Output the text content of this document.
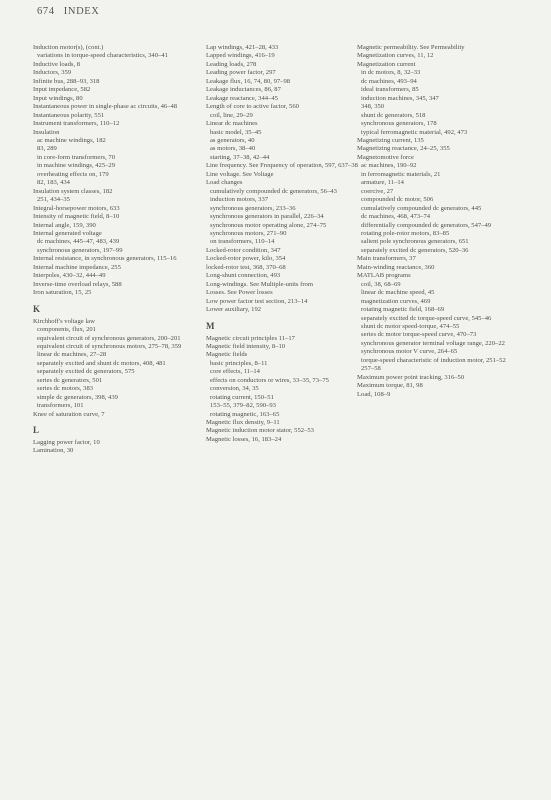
674 INDEX

Induction motor(s), (cont.)

variations in torque-speed characteristics, 340–41

Inductive loads, 8

Inductors, 359

Infinite bus, 288–93, 318

Input impedance, 582

Input windings, 80

Instantaneous power in single-phase ac circuits, 46–48

Instantaneous polarity, 551

Instrument transformers, 110–12

Insulation

ac machine windings, 182

83, 289

in core-form transformers, 70

in machine windings, 425–29

overheating effects on, 179

82, 183, 434

Insulation system classes, 182

251, 434–35

Integral-horsepower motors, 633

Intensity of magnetic field, 8–10

Internal angle, 159, 390

Internal generated voltage

dc machines, 445–47, 483, 439

synchronous generators, 197–99

Internal resistance, in synchronous generators, 115–16

Internal machine impedance, 255

Interpoles, 430–32, 444–49

Inverse-time overload relays, 588

Iron saturation, 15, 25

K

Kirchhoff's voltage law

components, flux, 201

equivalent circuit of synchronous generators, 200–201

equivalent circuit of synchronous motors, 275–78, 359

linear dc machines, 27–28

separately excited and shunt dc motors, 408, 481

separately excited dc generators, 575

series dc generators, 501

series dc motors, 383

simple dc generators, 398, 439

transformers, 101

Knee of saturation curve, 7

L

Lagging power factor, 10

Lamination, 30

Lap windings, 421–28, 433

Lapped windings, 416–19

Leading loads, 278

Leading power factor, 297

Leakage flux, 16, 74, 80, 97–98

Leakage inductances, 86, 87

Leakage reactance, 344–45

Length of core to active factor, 560

coil, line, 29–29

Linear dc machines

basic model, 35–45

as generators, 40

as motors, 38–40

starting, 37–38, 42–44

Line frequency. See Frequency of operation, 597, 637–38

Line voltage. See Voltage

Load changes

cumulatively compounded dc generators, 56–43

induction motors, 337

synchronous generators, 233–36

synchronous generators in parallel, 226–34

synchronous motor operating alone, 274–75

synchronous motors, 271–90

on transformers, 110–14

Locked-rotor condition, 347

Locked-rotor power, kilo, 354

locked-rotor test, 368, 370–68

Long-shunt connection, 493

Long-windings. See Multiple-units from

Losses. See Power losses

Low power factor test section, 213–14

Lower auxiliary, 192

M

Magnetic circuit principles 11–17

Magnetic field intensity, 8–10

Magnetic fields

basic principles, 8–11

core effects, 11–14

effects on conductors or wires, 33–35, 73–75

conversion, 34, 35

rotating current, 150–51

153–55, 379–82, 590–93

rotating magnetic, 163–65

Magnetic flux density, 9–11

Magnetic induction motor stator, 552–53

Magnetic losses, 16, 183–24

Magnetic permeability. See Permeability

Magnetization curves, 11, 12

Magnetization current

in dc motors, 8, 32–33

dc machines, 493–94

ideal transformers, 85

induction machines, 345, 347

348, 350

shunt dc generators, 518

synchronous generators, 178

typical ferromagnetic material, 492, 473

Magnetizing current, 135

Magnetizing reactance, 24–25, 355

Magnetomotive force

ac machines, 190–92

in ferromagnetic materials, 21

armature, 11–14

coercive, 27

compounded dc motor, 506

cumulatively compounded dc generators, 445

dc machines, 468, 473–74

differentially compounded dc generators, 547–49

rotating pole-rotor motors, 83–85

salient pole synchronous generators, 651

separately excited dc generators, 520–36

Main transformers, 37

Main-winding reactance, 360

MATLAB programs

coil, 38, 68–69

linear dc machine speed, 45

magnetization curves, 469

rotating magnetic field, 168–69

separately excited dc torque-speed curve, 545–46

shunt dc motor speed-torque, 474–55

series dc motor torque-speed curve, 470–73

synchronous generator terminal voltage range, 220–22

synchronous motor V curve, 264–65

torque-speed characteristic of induction motor, 251–52

257–58

Maximum power point tracking, 316–50

Maximum torque, 81, 98

Load, 108–9
